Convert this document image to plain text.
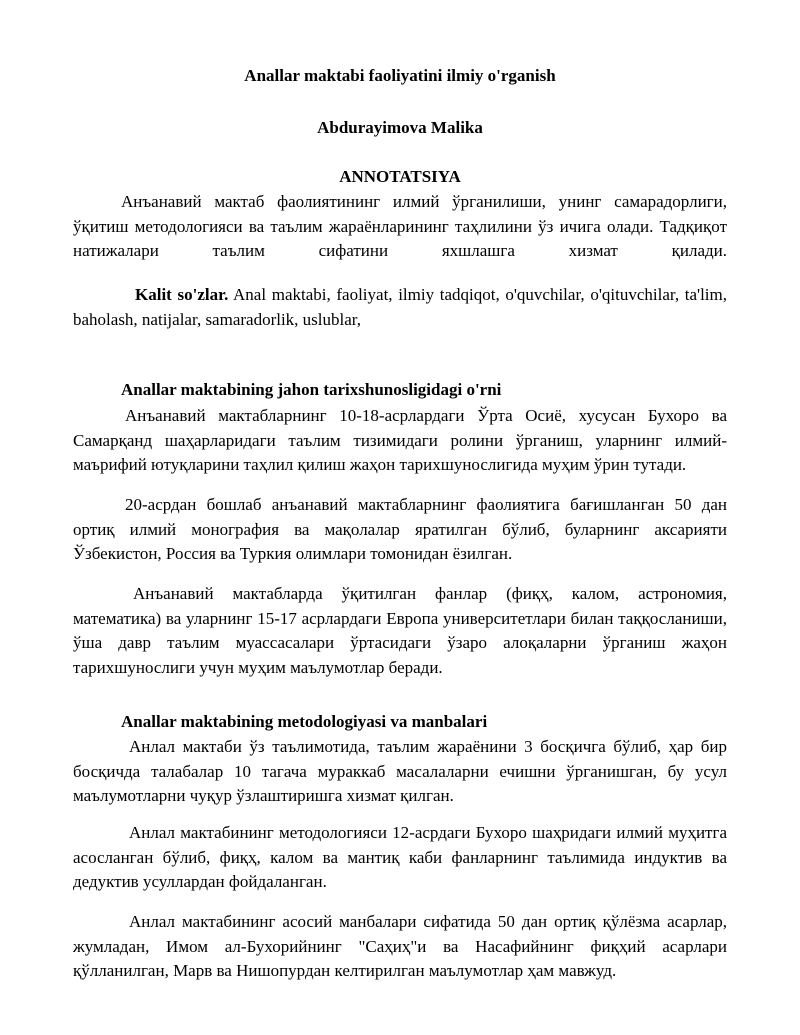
Anallar maktabi faoliyatini ilmiy o'rganish
Abdurayimova Malika
ANNOTATSIYA
Анъанавий мактаб фаолиятининг илмий ўрганилиши, унинг самарадорлиги, ўқитиш методологияси ва таълим жараёнларининг таҳлилини ўз ичига олади. Тадқиқот натижалари таълим сифатини яхшлашга хизмат қилади.
Kalit so'zlar. Anal maktabi, faoliyat, ilmiy tadqiqot, o'quvchilar, o'qituvchilar, ta'lim, baholash, natijalar, samaradorlik, uslublar,
Anallar maktabining jahon tarixshunosligidagi o'rni
Анъанавий мактабларнинг 10-18-асрлардаги Ўрта Осиё, хусусан Бухоро ва Самарқанд шаҳарларидаги таълим тизимидаги ролини ўрганиш, уларнинг илмий-маърифий ютуқларини таҳлил қилиш жаҳон тарихшунослигида муҳим ўрин тутади.
20-асрдан бошлаб анъанавий мактабларнинг фаолиятига бағишланган 50 дан ортиқ илмий монография ва мақолалар яратилган бўлиб, буларнинг аксарияти Ўзбекистон, Россия ва Туркия олимлари томонидан ёзилган.
Анъанавий мактабларда ўқитилган фанлар (фиқҳ, калом, астрономия, математика) ва уларнинг 15-17 асрлардаги Европа университетлари билан таққосланиши, ўша давр таълим муассасалари ўртасидаги ўзаро алоқаларни ўрганиш жаҳон тарихшунослиги учун муҳим маълумотлар беради.
Anallar maktabining metodologiyasi va manbalari
Анлал мактаби ўз таълимотида, таълим жараёнини 3 босқичга бўлиб, ҳар бир босқичда талабалар 10 тагача мураккаб масалаларни ечишни ўрганишган, бу усул маълумотларни чуқур ўзлаштиришга хизмат қилган.
Анлал мактабининг методологияси 12-асрдаги Бухоро шаҳридаги илмий муҳитга асосланган бўлиб, фиқҳ, калом ва мантиқ каби фанларнинг таълимида индуктив ва дедуктив усуллардан фойдаланган.
Анлал мактабининг асосий манбалари сифатида 50 дан ортиқ қўлёзма асарлар, жумладан, Имом ал-Бухорийнинг "Саҳиҳ"и ва Насафийнинг фиқҳий асарлари қўлланилган, Марв ва Нишопурдан келтирилган маълумотлар ҳам мавжуд.
